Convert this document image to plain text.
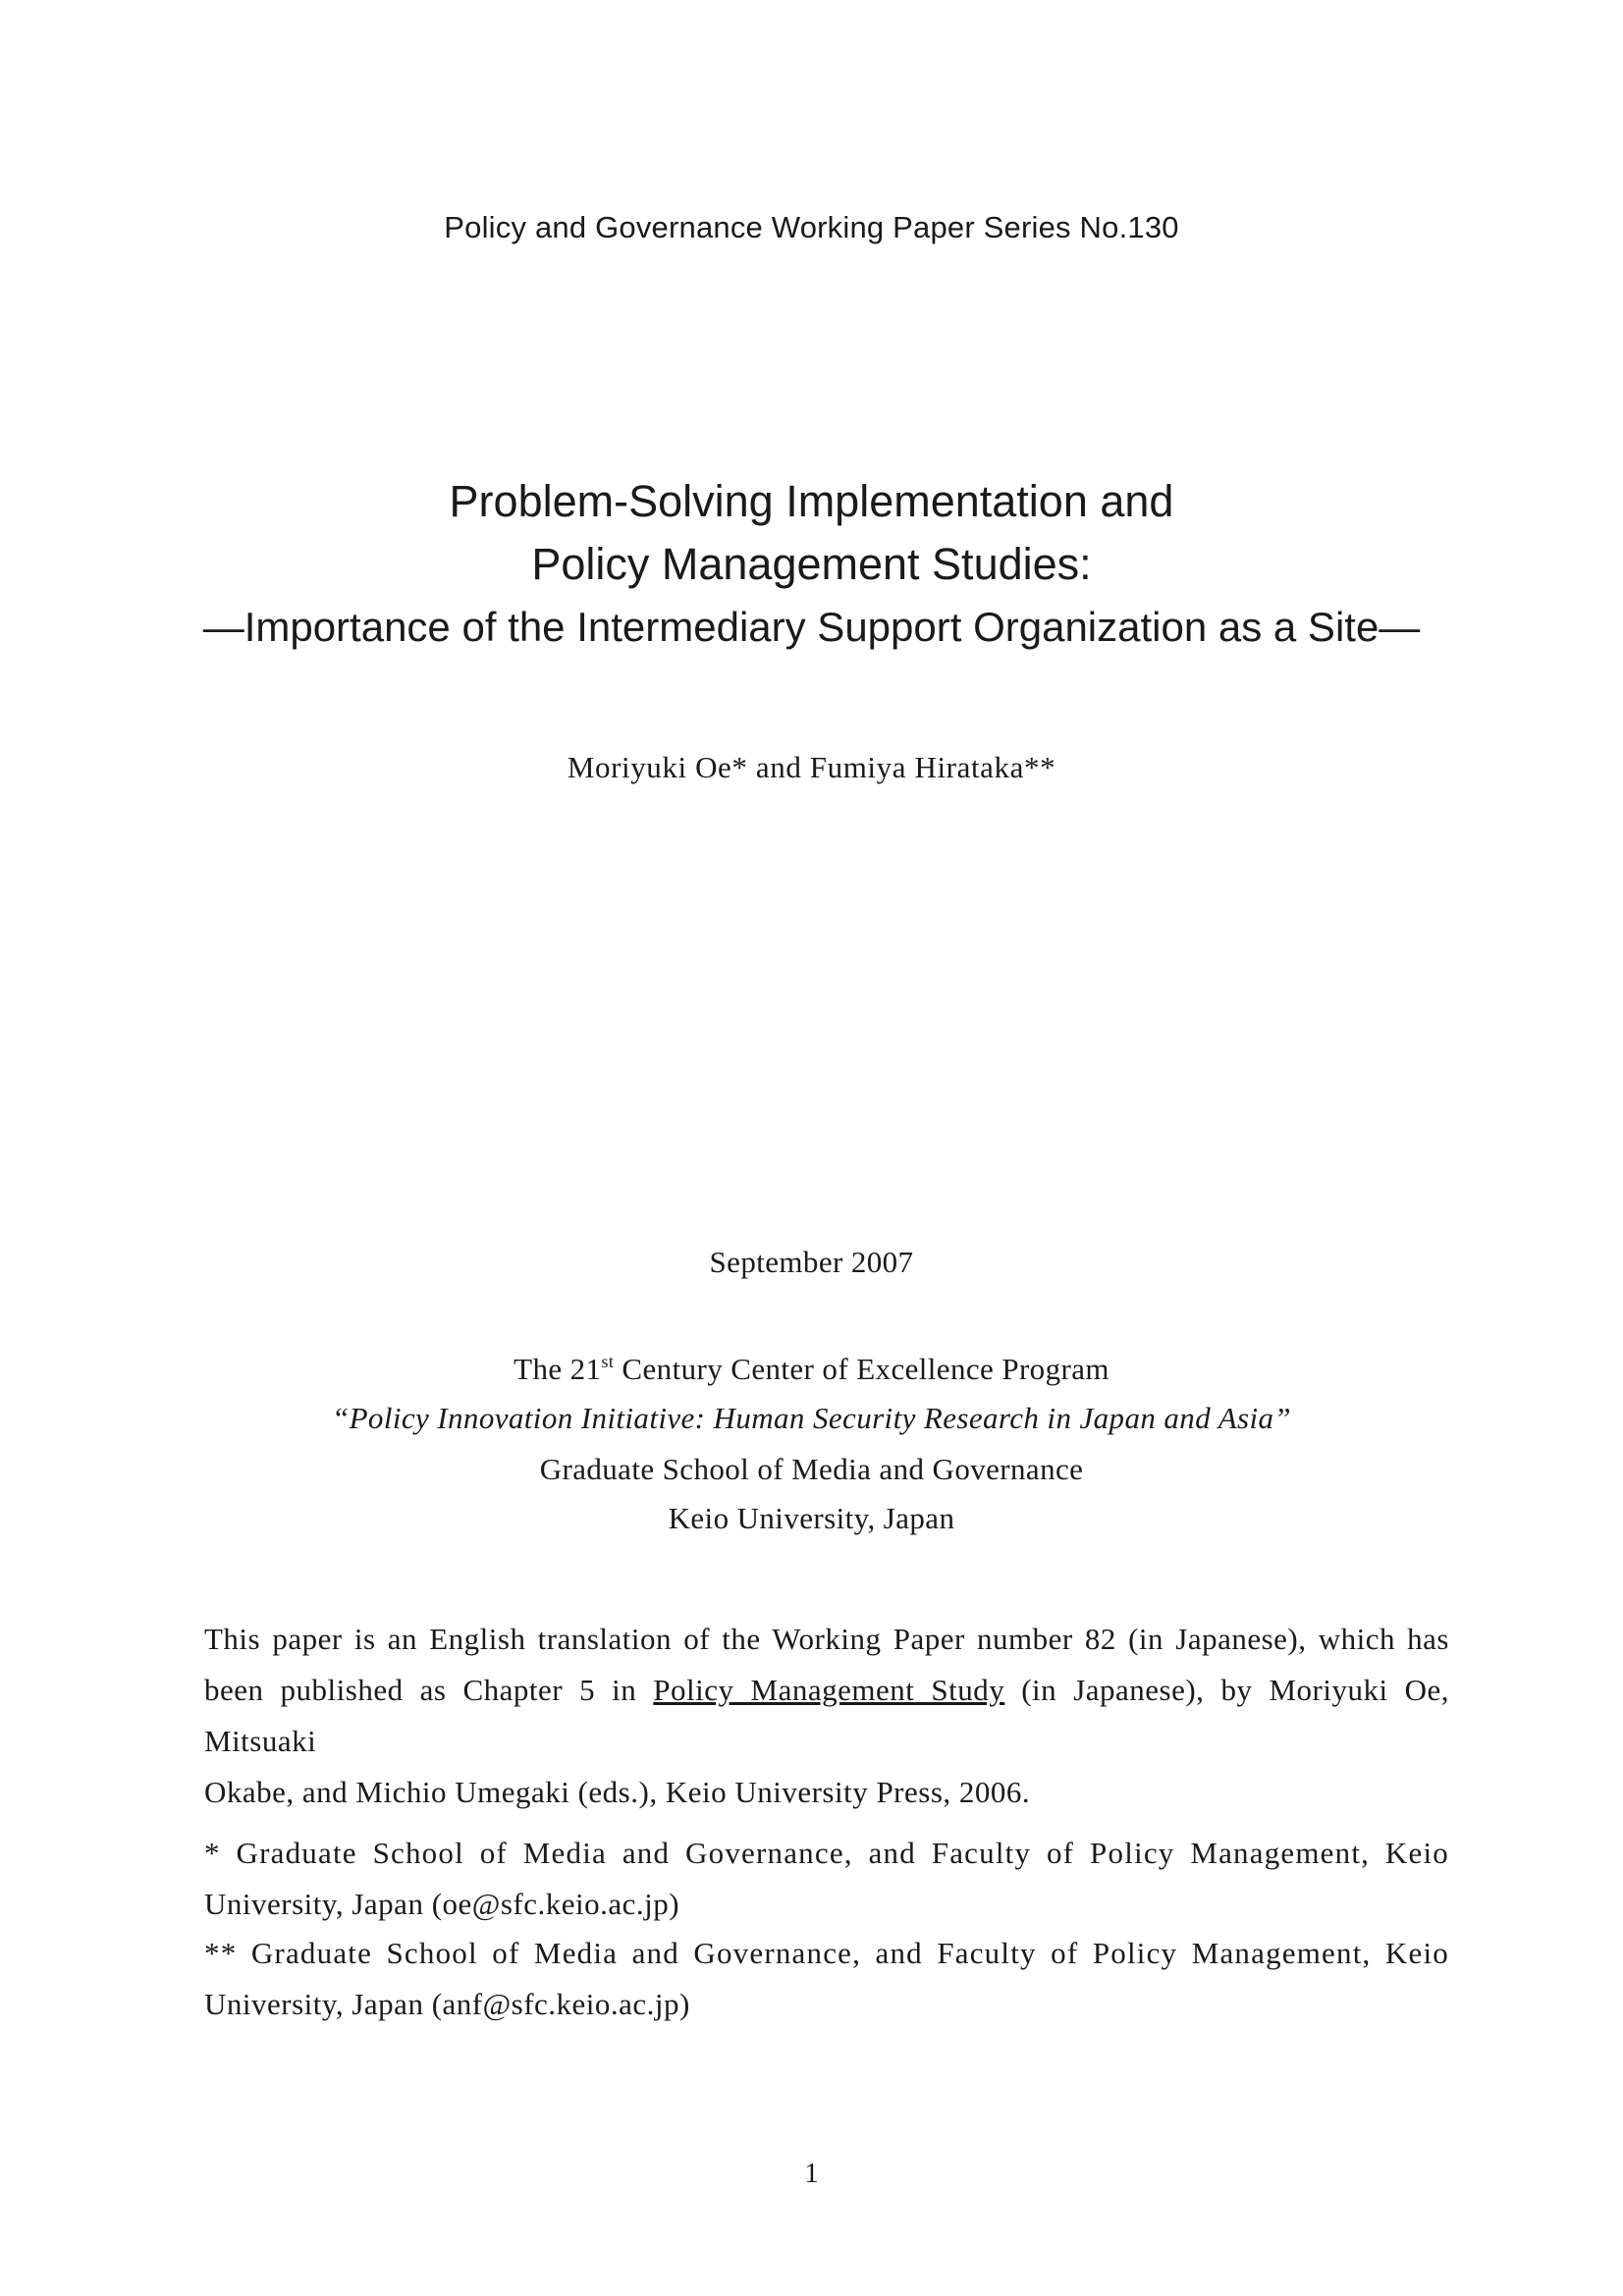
Policy and Governance Working Paper Series No.130
Problem-Solving Implementation and
Policy Management Studies:
—Importance of the Intermediary Support Organization as a Site—
Moriyuki Oe* and Fumiya Hirataka**
September 2007
The 21st Century Center of Excellence Program
“Policy Innovation Initiative: Human Security Research in Japan and Asia”
Graduate School of Media and Governance
Keio University, Japan
This paper is an English translation of the Working Paper number 82 (in Japanese), which has
been published as Chapter 5 in Policy Management Study (in Japanese), by Moriyuki Oe, Mitsuaki
Okabe, and Michio Umegaki (eds.), Keio University Press, 2006.
* Graduate School of Media and Governance, and Faculty of Policy Management, Keio
University, Japan (oe@sfc.keio.ac.jp)
** Graduate School of Media and Governance, and Faculty of Policy Management, Keio
University, Japan (anf@sfc.keio.ac.jp)
1
